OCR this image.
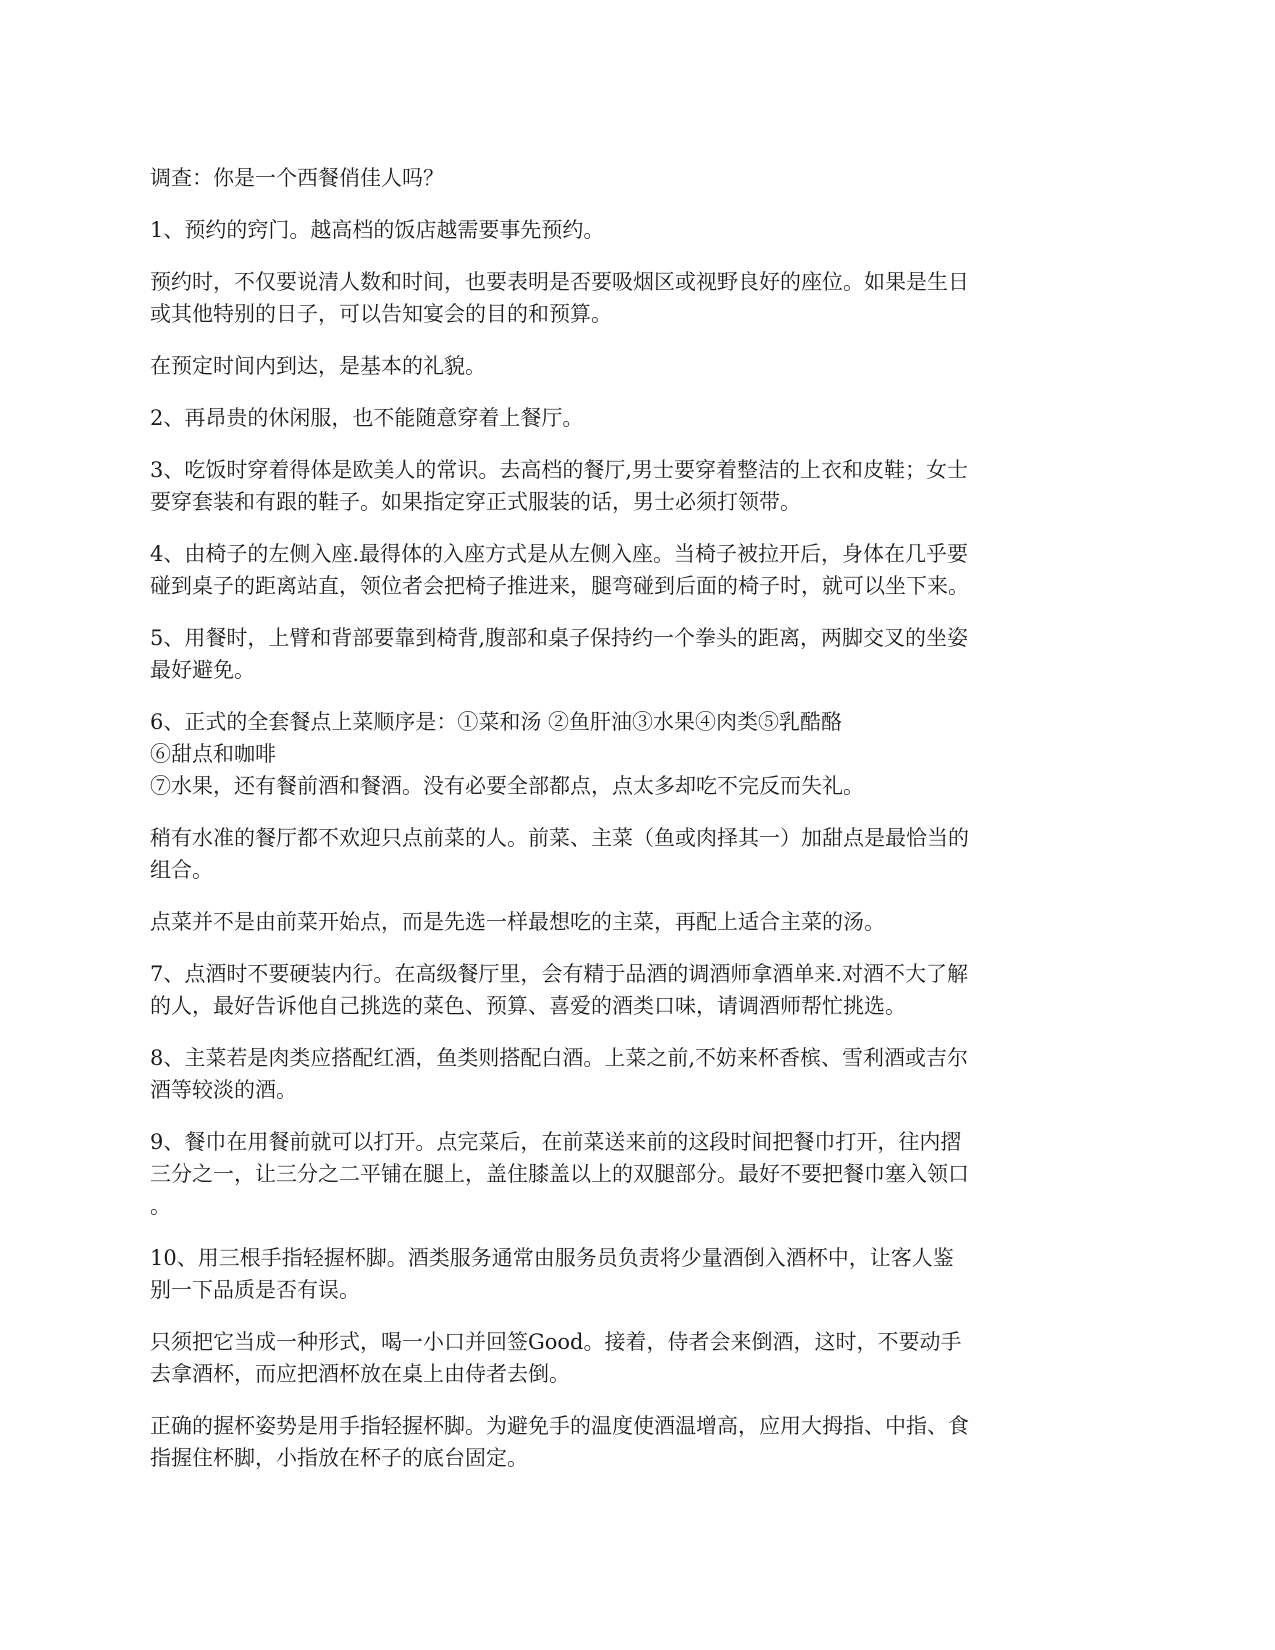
调查：你是一个西餐俏佳人吗？

1、预约的窍门。越高档的饭店越需要事先预约。

预约时，不仅要说清人数和时间，也要表明是否要吸烟区或视野良好的座位。如果是生日
或其他特别的日子，可以告知宴会的目的和预算。

在预定时间内到达，是基本的礼貌。

2、再昂贵的休闲服，也不能随意穿着上餐厅。

3、吃饭时穿着得体是欧美人的常识。去高档的餐厅,男士要穿着整洁的上衣和皮鞋；女士
要穿套装和有跟的鞋子。如果指定穿正式服装的话，男士必须打领带。

4、由椅子的左侧入座.最得体的入座方式是从左侧入座。当椅子被拉开后，身体在几乎要
碰到桌子的距离站直，领位者会把椅子推进来，腿弯碰到后面的椅子时，就可以坐下来。

5、用餐时，上臂和背部要靠到椅背,腹部和桌子保持约一个拳头的距离，两脚交叉的坐姿
最好避免。

6、正式的全套餐点上菜顺序是：①菜和汤 ②鱼肝油③水果④肉类⑤乳酷酪
⑥甜点和咖啡
⑦水果，还有餐前酒和餐酒。没有必要全部都点，点太多却吃不完反而失礼。

稍有水准的餐厅都不欢迎只点前菜的人。前菜、主菜（鱼或肉择其一）加甜点是最恰当的
组合。

点菜并不是由前菜开始点，而是先选一样最想吃的主菜，再配上适合主菜的汤。

7、点酒时不要硬装内行。在高级餐厅里，会有精于品酒的调酒师拿酒单来.对酒不大了解
的人，最好告诉他自己挑选的菜色、预算、喜爱的酒类口味，请调酒师帮忙挑选。

8、主菜若是肉类应搭配红酒，鱼类则搭配白酒。上菜之前,不妨来杯香槟、雪利酒或吉尔
酒等较淡的酒。

9、餐巾在用餐前就可以打开。点完菜后，在前菜送来前的这段时间把餐巾打开，往内摺
三分之一，让三分之二平铺在腿上，盖住膝盖以上的双腿部分。最好不要把餐巾塞入领口
。

10、用三根手指轻握杯脚。酒类服务通常由服务员负责将少量酒倒入酒杯中，让客人鉴
别一下品质是否有误。

只须把它当成一种形式，喝一小口并回签Good。接着，侍者会来倒酒，这时，不要动手
去拿酒杯，而应把酒杯放在桌上由侍者去倒。

正确的握杯姿势是用手指轻握杯脚。为避免手的温度使酒温增高，应用大拇指、中指、食
指握住杯脚，小指放在杯子的底台固定。
